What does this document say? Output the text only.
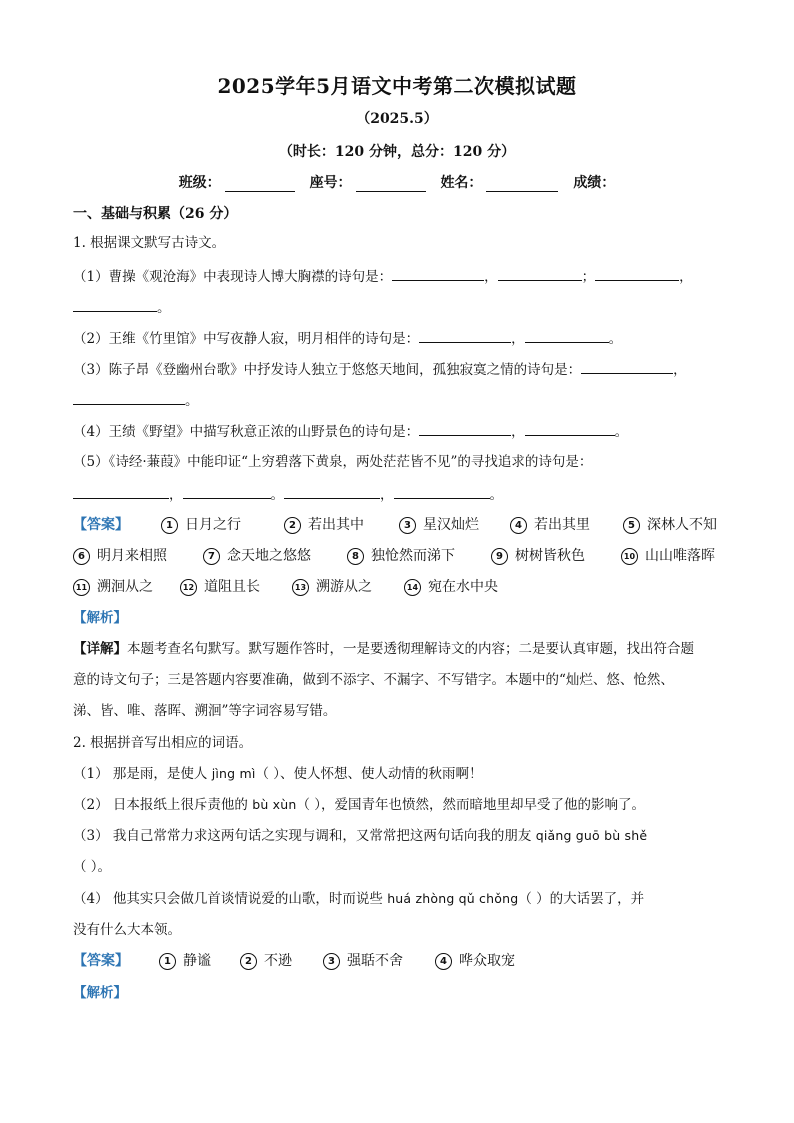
2025学年5月语文中考第二次模拟试题
（2025.5）
（时长：120 分钟，总分：120 分）
班级：	座号：	姓名：	成绩：
一、基础与积累（26 分）
1. 根据课文默写古诗文。
（1）曹操《观沧海》中表现诗人博大胸襟的诗句是：	，	；	，
。
（2）王维《竹里馆》中写夜静人寂，明月相伴的诗句是：	，	。
（3）陈子昂《登幽州台歌》中抒发诗人独立于悠悠天地间，孤独寂寞之情的诗句是：	，
。
（4）王绩《野望》中描写秋意正浓的山野景色的诗句是：	，	。
（5）《诗经·蒹葭》中能印证“上穷碧落下黄泉，两处茫茫皆不见”的寻找追求的诗句是：
，	。	，	。
【答案】	1 日月之行	2 若出其中	3 星汉灿烂	4 若出其里	5 深林人不知
6 明月来相照	7 念天地之悠悠	8 独怆然而涕下	9 树树皆秋色	10 山山唯落晖
11 溯洄从之	12 道阻且长	13 溯游从之	14 宛在水中央
【解析】
【详解】本题考查名句默写。默写题作答时，一是要透彻理解诗文的内容；二是要认真审题，找出符合题
意的诗文句子；三是答题内容要准确，做到不添字、不漏字、不写错字。本题中的“灿烂、悠、怆然、
涕、皆、唯、落晖、溯洄”等字词容易写错。
2. 根据拼音写出相应的词语。
（1） 那是雨，是使人 jìng mì（ ）、使人怀想、使人动情的秋雨啊！
（2） 日本报纸上很斥责他的 bù xùn（ ），爱国青年也愤然，然而暗地里却早受了他的影响了。
（3） 我自己常常力求这两句话之实现与调和，又常常把这两句话向我的朋友 qiǎng guō bù shě
（ ）。
（4） 他其实只会做几首谈情说爱的山歌，时而说些 huá zhòng qǔ chǒng（ ）的大话罢了，并
没有什么大本领。
【答案】	1 静谧	2 不逊	3 强聒不舍	4 哗众取宠
【解析】
